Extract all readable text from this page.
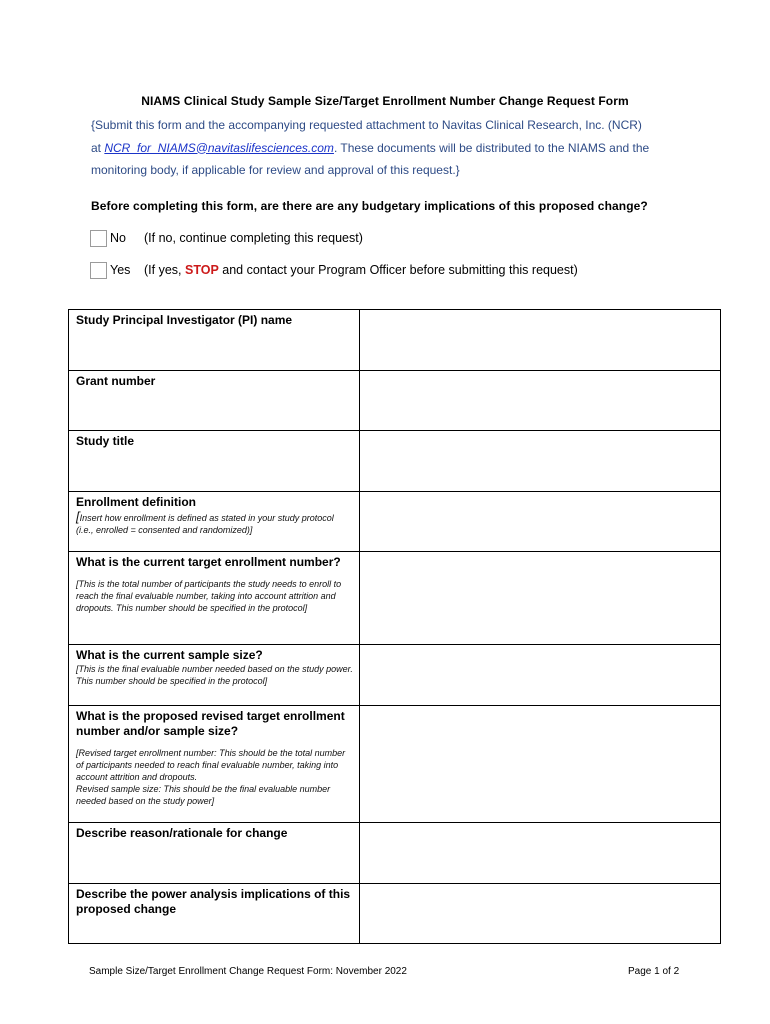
NIAMS Clinical Study Sample Size/Target Enrollment Number Change Request Form
{Submit this form and the accompanying requested attachment to Navitas Clinical Research, Inc. (NCR)
at NCR_for_NIAMS@navitaslifesciences.com. These documents will be distributed to the NIAMS and the
monitoring body, if applicable for review and approval of this request.}
Before completing this form, are there are any budgetary implications of this proposed change?
No (If no, continue completing this request)
Yes (If yes, STOP and contact your Program Officer before submitting this request)
Study Principal Investigator (PI) name	

Grant number	

Study title	

Enrollment definition
[Insert how enrollment is defined as stated in your study protocol (i.e., enrolled = consented and randomized)]	

What is the current target enrollment number?
[This is the total number of participants the study needs to enroll to reach the final evaluable number, taking into account attrition and dropouts. This number should be specified in the protocol]	

What is the current sample size?
[This is the final evaluable number needed based on the study power. This number should be specified in the protocol]	

What is the proposed revised target enrollment number and/or sample size?
[Revised target enrollment number: This should be the total number of participants needed to reach final evaluable number, taking into account attrition and dropouts.
Revised sample size: This should be the final evaluable number needed based on the study power]	

Describe reason/rationale for change	

Describe the power analysis implications of this proposed change	

Sample Size/Target Enrollment Change Request Form: November 2022	Page 1 of 2
